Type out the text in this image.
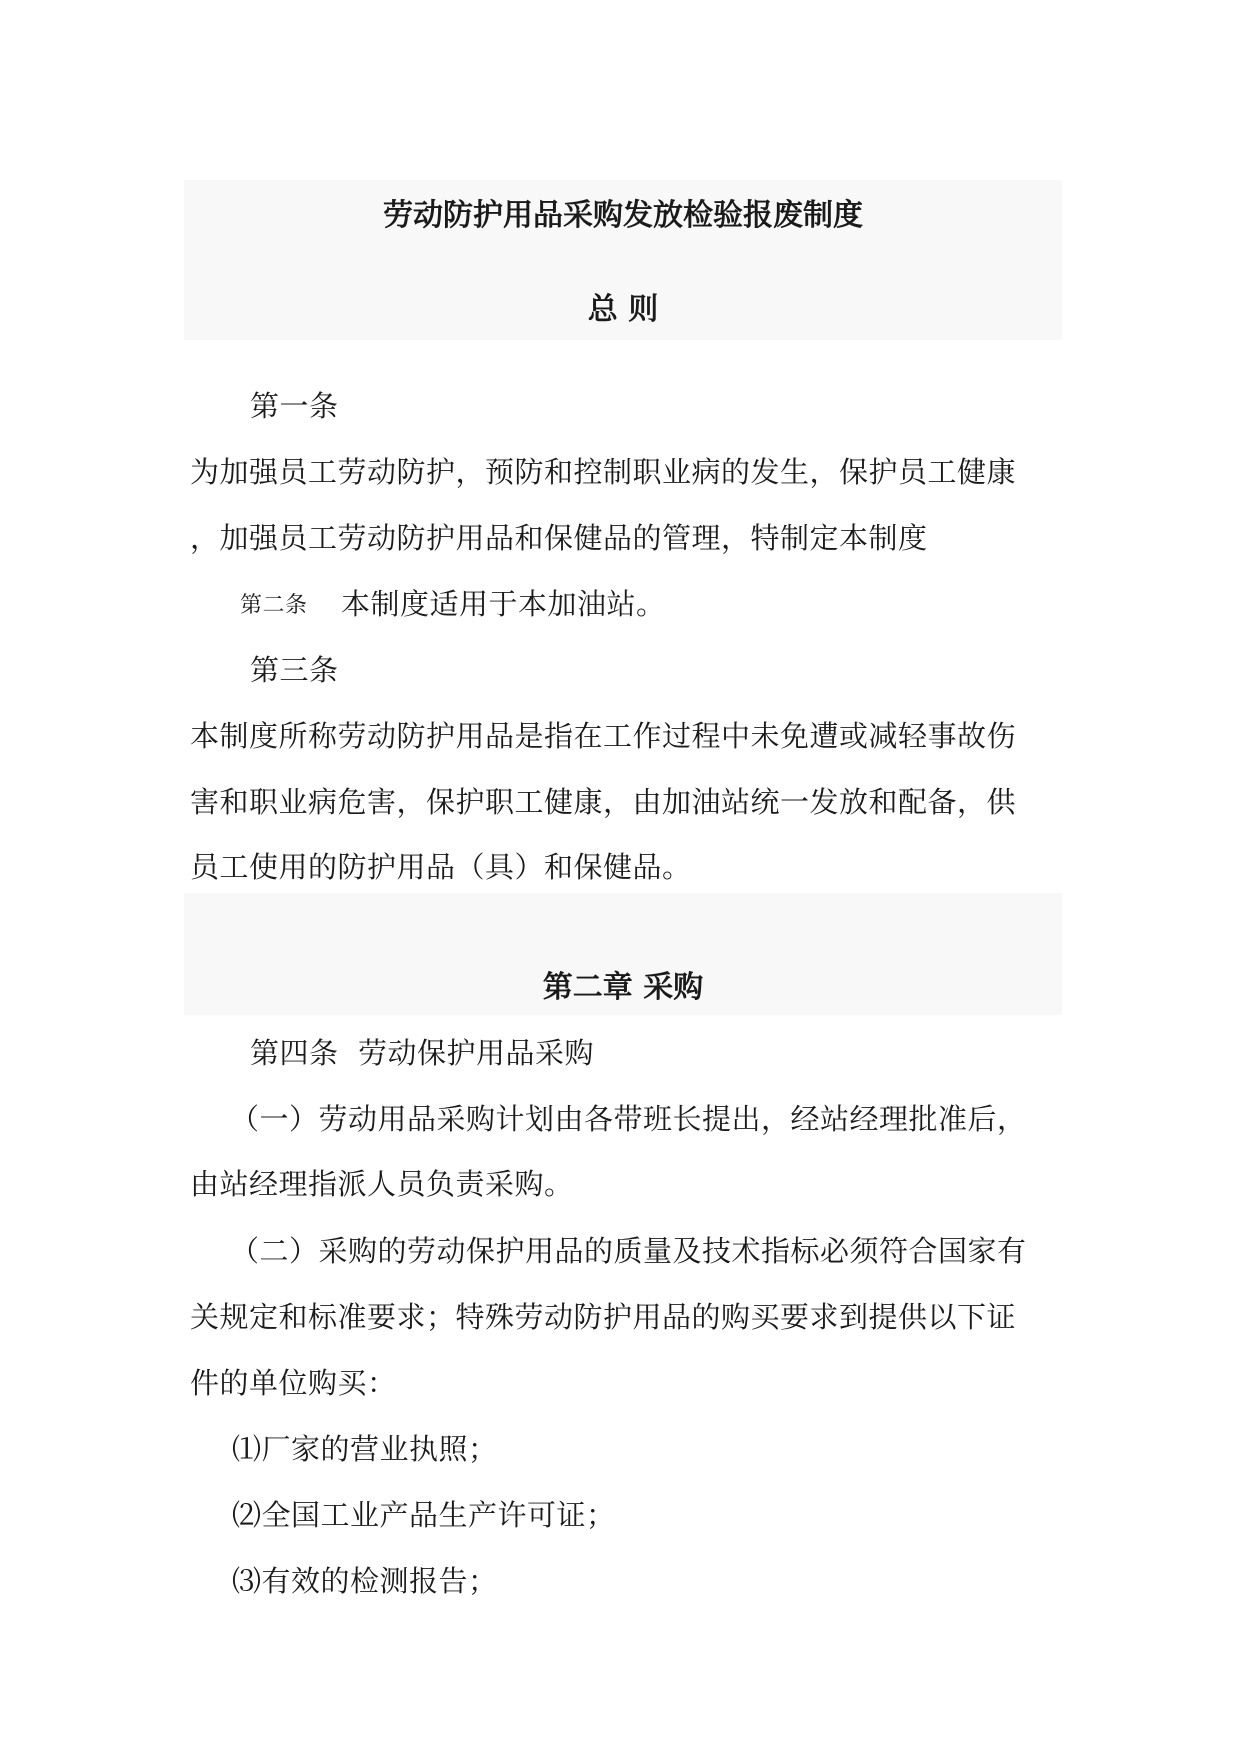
劳动防护用品采购发放检验报废制度
总 则
第一条
为加强员工劳动防护，预防和控制职业病的发生，保护员工健康
，加强员工劳动防护用品和保健品的管理，特制定本制度
第二条 本制度适用于本加油站。
第三条
本制度所称劳动防护用品是指在工作过程中未免遭或减轻事故伤
害和职业病危害，保护职工健康，由加油站统一发放和配备，供
员工使用的防护用品（具）和保健品。
第二章 采购
第四条 劳动保护用品采购
（一）劳动用品采购计划由各带班长提出，经站经理批准后，
由站经理指派人员负责采购。
（二）采购的劳动保护用品的质量及技术指标必须符合国家有
关规定和标准要求；特殊劳动防护用品的购买要求到提供以下证
件的单位购买：
⑴厂家的营业执照；
⑵全国工业产品生产许可证；
⑶有效的检测报告；
